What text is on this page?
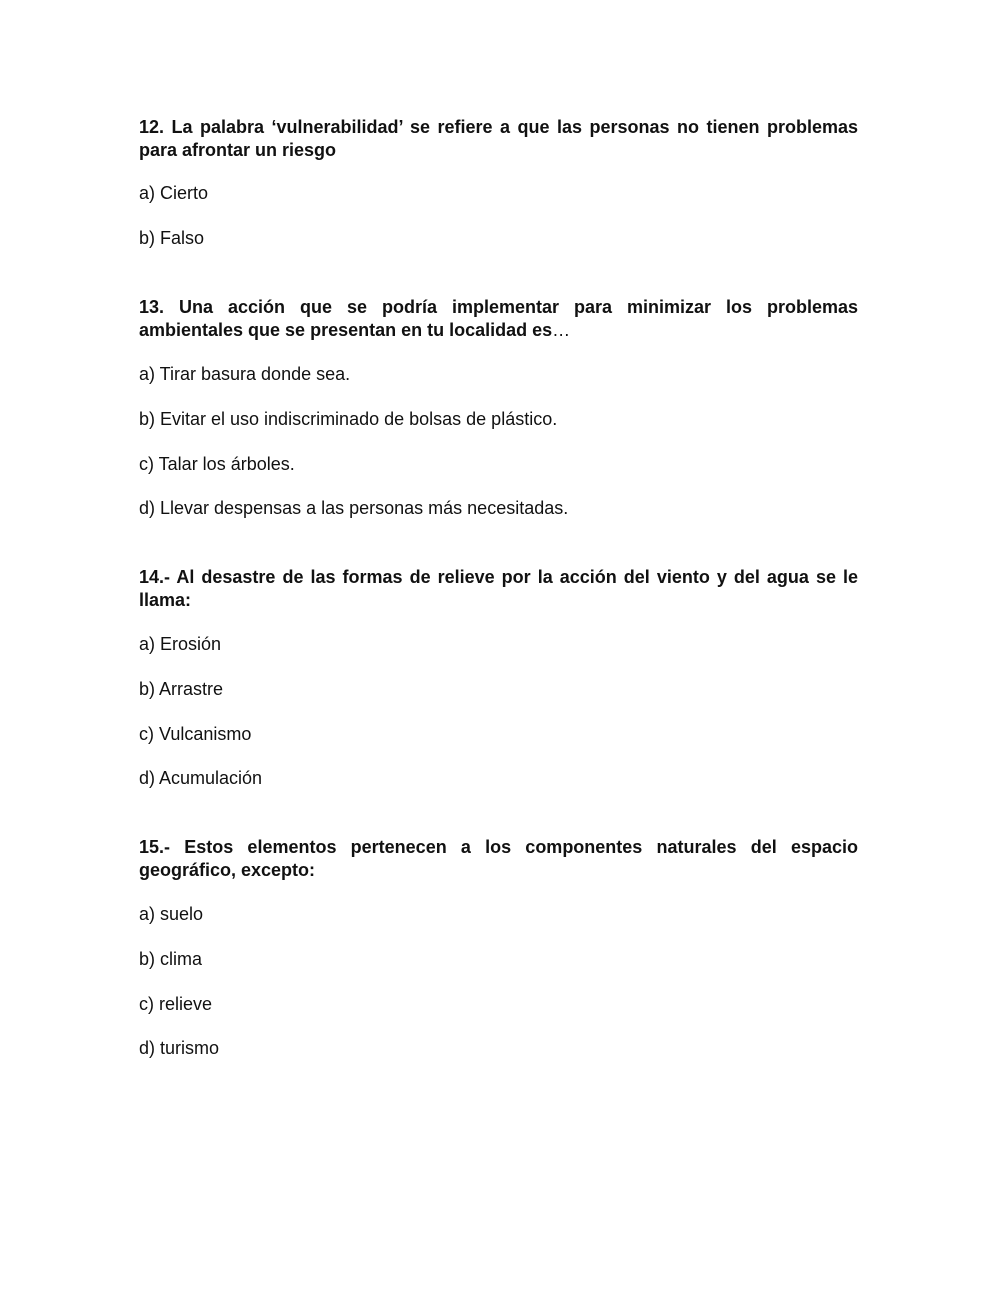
12. La palabra ‘vulnerabilidad’ se refiere a que las personas no tienen problemas para afrontar un riesgo

a) Cierto
b) Falso

13. Una acción que se podría implementar para minimizar los problemas ambientales que se presentan en tu localidad es…

a) Tirar basura donde sea.
b) Evitar el uso indiscriminado de bolsas de plástico.
c) Talar los árboles.
d) Llevar despensas a las personas más necesitadas.

14.- Al desastre de las formas de relieve por la acción del viento y del agua se le llama:

a) Erosión
b) Arrastre
c) Vulcanismo
d) Acumulación

15.- Estos elementos pertenecen a los componentes naturales del espacio geográfico, excepto:

a) suelo
b) clima
c) relieve
d) turismo
